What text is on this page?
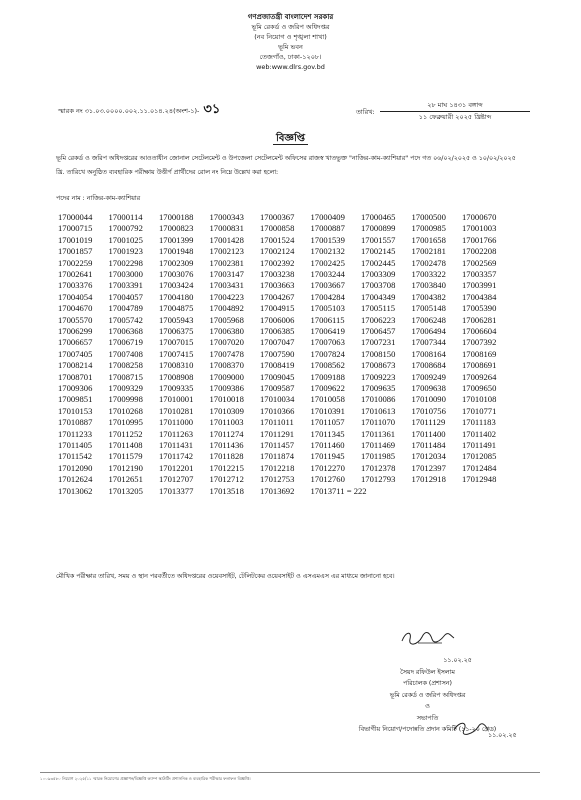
গণপ্রজাতন্ত্রী বাংলাদেশ সরকার
ভূমি রেকর্ড ও জরিপ অধিদপ্তর
(নব নিয়োগ ও শৃঙ্খলা শাখা)
ভূমি ভবন
তেজগাঁও, ঢাকা-১২০৮।
web:www.dlrs.gov.bd
স্মারক নং ৩১.০৩.০০০০.০০২.১১.০১৪.২৪(অংশ-১)- ৩১	তারিখ:
২৮ মাঘ ১৪৩১ বঙ্গাব্দ
১১ ফেব্রুয়ারী ২০২৫ খ্রিষ্টাব্দ
বিজ্ঞপ্তি
ভূমি রেকর্ড ও জরিপ অধিদপ্তরের আওতাধীন জোনাল সেটেলমেন্ট ও উপজেলা সেটেলমেন্ট অফিসের রাজস্ব খাতভুক্ত "নাজির-কাম-ক্যাশিয়ার" পদে গত ০৬/০২/২০২৫ ও ১০/০২/২০২৫ খ্রি. তারিখে অনুষ্ঠিত ব্যবহারিক পরীক্ষায় উত্তীর্ণ প্রার্থীদের রোল নং নিম্নে উল্লেখ করা হলো:
পদের নাম : নাজির-কাম-ক্যাশিয়ার
17000044 17000114 17000188 17000343 17000367 17000409 17000465 17000500 17000670
17000715 17000792 17000823 17000831 17000858 17000887 17000899 17000985 17001003
17001019 17001025 17001399 17001428 17001524 17001539 17001557 17001658 17001766
17001857 17001923 17001948 17002123 17002124 17002132 17002145 17002181 17002208
17002259 17002298 17002309 17002381 17002392 17002425 17002445 17002478 17002569
17002641 17003000 17003076 17003147 17003238 17003244 17003309 17003322 17003357
17003376 17003391 17003424 17003431 17003663 17003667 17003708 17003840 17003991
17004054 17004057 17004180 17004223 17004267 17004284 17004349 17004382 17004384
17004670 17004789 17004875 17004892 17004915 17005103 17005115 17005148 17005390
17005570 17005742 17005943 17005968 17006006 17006115 17006223 17006248 17006281
17006299 17006368 17006375 17006380 17006385 17006419 17006457 17006494 17006604
17006657 17006719 17007015 17007020 17007047 17007063 17007231 17007344 17007392
17007405 17007408 17007415 17007478 17007590 17007824 17008150 17008164 17008169
17008214 17008258 17008310 17008370 17008419 17008562 17008673 17008684 17008691
17008701 17008715 17008908 17009000 17009045 17009188 17009223 17009249 17009264
17009306 17009329 17009335 17009386 17009587 17009622 17009635 17009638 17009650
17009851 17009998 17010001 17010018 17010034 17010058 17010086 17010090 17010108
17010153 17010268 17010281 17010309 17010366 17010391 17010613 17010756 17010771
17010887 17010995 17011000 17011003 17011011 17011057 17011070 17011129 17011183
17011233 17011252 17011263 17011274 17011291 17011345 17011361 17011400 17011402
17011405 17011408 17011431 17011436 17011457 17011460 17011469 17011484 17011491
17011542 17011579 17011742 17011828 17011874 17011945 17011985 17012034 17012085
17012090 17012190 17012201 17012215 17012218 17012270 17012378 17012397 17012484
17012624 17012651 17012707 17012712 17012753 17012760 17012793 17012918 17012948
17013062 17013205 17013377 17013518 17013692 17013711 = 222
মৌখিক পরীক্ষার তারিখ, সময় ও স্থান পরবর্তীতে অধিদপ্তরের ওয়েবসাইট, টেলিটকের ওয়েবসাইট ও এসএমএস এর মাধ্যমে জানানো হবে।
১১.০২.২৫
সৈয়দ রফিউল ইসলাম
পরিচালক (প্রশাসন)
ভূমি রেকর্ড ও জরিপ অধিদপ্তর
ও
সভাপতি
বিভাগীয় নিয়োগ/পদোন্নতি প্রদান কমিটি (১১-২০ গ্রেড)
১১.০২.২৫
১০০৯৩৫৮০ নিয়োগ ২০২৫/১১ স্মারক নিয়োগের প্রজ্ঞাপন/বিজ্ঞপ্তি ক্যাম্প স্কাউটিং প্রশাসনিক ও ব্যবহারিক পরীক্ষার ফলাফল বিজ্ঞপ্তি।
